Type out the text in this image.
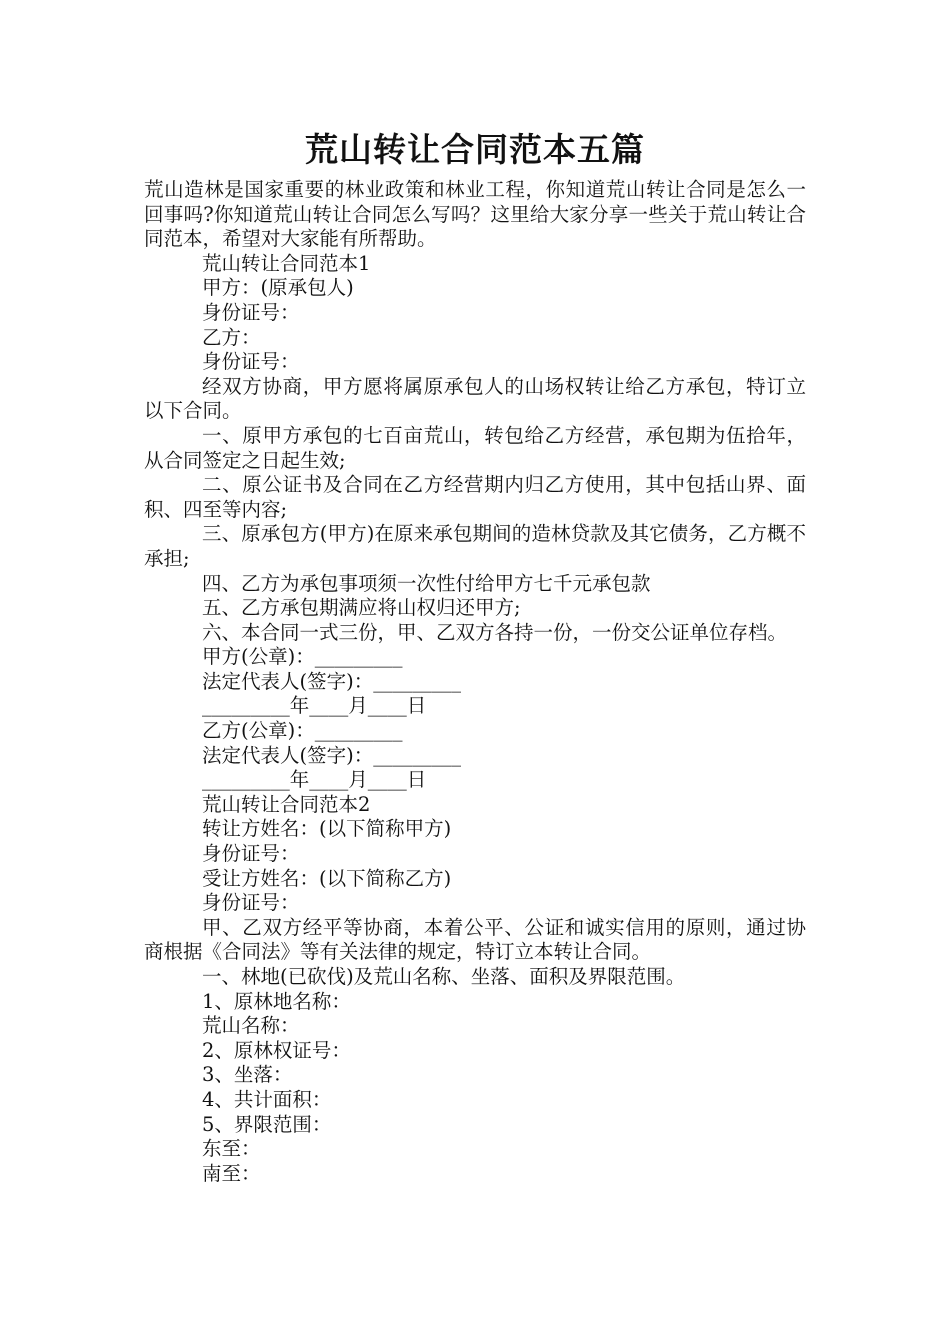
荒山转让合同范本五篇

荒山造林是国家重要的林业政策和林业工程，你知道荒山转让合同是怎么一回事吗?你知道荒山转让合同怎么写吗？这里给大家分享一些关于荒山转让合同范本，希望对大家能有所帮助。

荒山转让合同范本1

甲方：(原承包人)

身份证号：

乙方：

身份证号：

经双方协商，甲方愿将属原承包人的山场权转让给乙方承包，特订立以下合同。

一、原甲方承包的七百亩荒山，转包给乙方经营，承包期为伍拾年，从合同签定之日起生效;

二、原公证书及合同在乙方经营期内归乙方使用，其中包括山界、面积、四至等内容;

三、原承包方(甲方)在原来承包期间的造林贷款及其它债务，乙方概不承担;

四、乙方为承包事项须一次性付给甲方七千元承包款

五、乙方承包期满应将山权归还甲方;

六、本合同一式三份，甲、乙双方各持一份，一份交公证单位存档。

甲方(公章)：_________

法定代表人(签字)：_________

_________年____月____日

乙方(公章)：_________

法定代表人(签字)：_________

_________年____月____日

荒山转让合同范本2

转让方姓名：(以下简称甲方)

身份证号：

受让方姓名：(以下简称乙方)

身份证号：

甲、乙双方经平等协商，本着公平、公证和诚实信用的原则，通过协商根据《合同法》等有关法律的规定，特订立本转让合同。

一、林地(已砍伐)及荒山名称、坐落、面积及界限范围。

1、原林地名称：

荒山名称：

2、原林权证号：

3、坐落：

4、共计面积：

5、界限范围：

东至：

南至：
